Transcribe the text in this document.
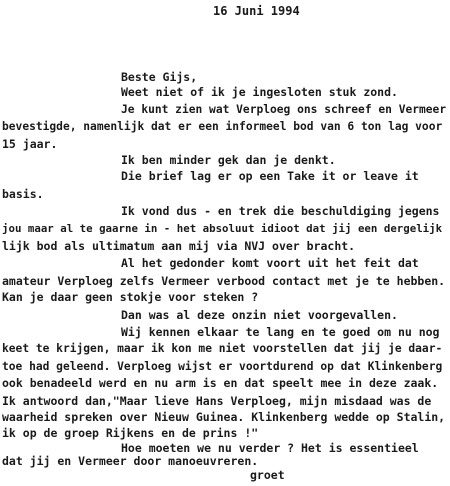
16 Juni 1994
Beste Gijs,
Weet niet of ik je ingesloten stuk zond.
Je kunt zien wat Verploeg ons schreef en Vermeer
bevestigde, namenlijk dat er een informeel bod van 6 ton lag voor
15 jaar.
Ik ben minder gek dan je denkt.
Die brief lag er op een Take it or leave it
basis.
Ik vond dus - en trek die beschuldiging jegens
jou maar al te gaarne in - het absoluut idioot dat jij een dergelijk
lijk bod als ultimatum aan mij via NVJ over bracht.
Al het gedonder komt voort uit het feit dat
amateur Verploeg zelfs Vermeer verbood contact met je te hebben.
Kan je daar geen stokje voor steken ?
Dan was al deze onzin niet voorgevallen.
Wij kennen elkaar te lang en te goed om nu nog
keet te krijgen, maar ik kon me niet voorstellen dat jij je daar-
toe had geleend. Verploeg wijst er voortdurend op dat Klinkenberg
ook benadeeld werd en nu arm is en dat speelt mee in deze zaak.
Ik antwoord dan,"Maar lieve Hans Verploeg, mijn misdaad was de
waarheid spreken over Nieuw Guinea. Klinkenberg wedde op Stalin,
ik op de groep Rijkens en de prins !"
Hoe moeten we nu verder ? Het is essentieel
dat jij en Vermeer door manoeuvreren.
groet
